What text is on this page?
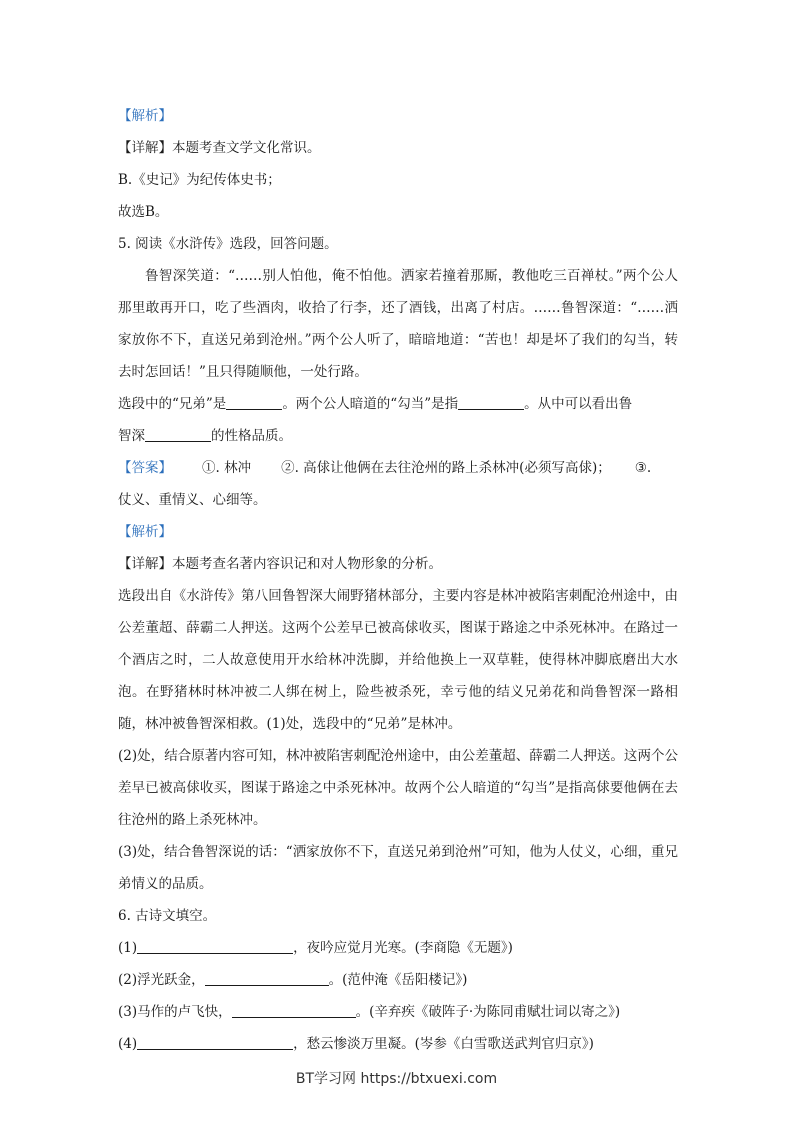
【解析】
【详解】本题考查文学文化常识。
B.《史记》为纪传体史书；
故选B。
5. 阅读《水浒传》选段，回答问题。
鲁智深笑道：“……别人怕他，俺不怕他。洒家若撞着那厮，教他吃三百禅杖。”两个公人那里敢再开口，吃了些酒肉，收拾了行李，还了酒钱，出离了村店。……鲁智深道：“……洒家放你不下，直送兄弟到沧州。”两个公人听了，暗暗地道：“苦也！却是坏了我们的勾当，转去时怎回话！”且只得随顺他，一处行路。
选段中的“兄弟”是	。两个公人暗道的“勾当”是指	。从中可以看出鲁
智深	的性格品质。
【答案】 ①. 林冲 ②. 高俅让他俩在去往沧州的路上杀林冲(必须写高俅)； ③.
仗义、重情义、心细等。
【解析】
【详解】本题考查名著内容识记和对人物形象的分析。
选段出自《水浒传》第八回鲁智深大闹野猪林部分，主要内容是林冲被陷害刺配沧州途中，由公差董超、薛霸二人押送。这两个公差早已被高俅收买，图谋于路途之中杀死林冲。在路过一个酒店之时，二人故意使用开水给林冲洗脚，并给他换上一双草鞋，使得林冲脚底磨出大水泡。在野猪林时林冲被二人绑在树上，险些被杀死，幸亏他的结义兄弟花和尚鲁智深一路相随，林冲被鲁智深相救。(1)处，选段中的“兄弟”是林冲。
(2)处，结合原著内容可知，林冲被陷害刺配沧州途中，由公差董超、薛霸二人押送。这两个公差早已被高俅收买，图谋于路途之中杀死林冲。故两个公人暗道的“勾当”是指高俅要他俩在去往沧州的路上杀死林冲。
(3)处，结合鲁智深说的话：“洒家放你不下，直送兄弟到沧州”可知，他为人仗义，心细，重兄弟情义的品质。
6. 古诗文填空。
(1)	，夜吟应觉月光寒。(李商隐《无题》)
(2)浮光跃金，	。(范仲淹《岳阳楼记》)
(3)马作的卢飞快，	。(辛弃疾《破阵子·为陈同甫赋壮词以寄之》)
(4)	，愁云惨淡万里凝。(岑参《白雪歌送武判官归京》)
BT学习网 https://btxuexi.com
